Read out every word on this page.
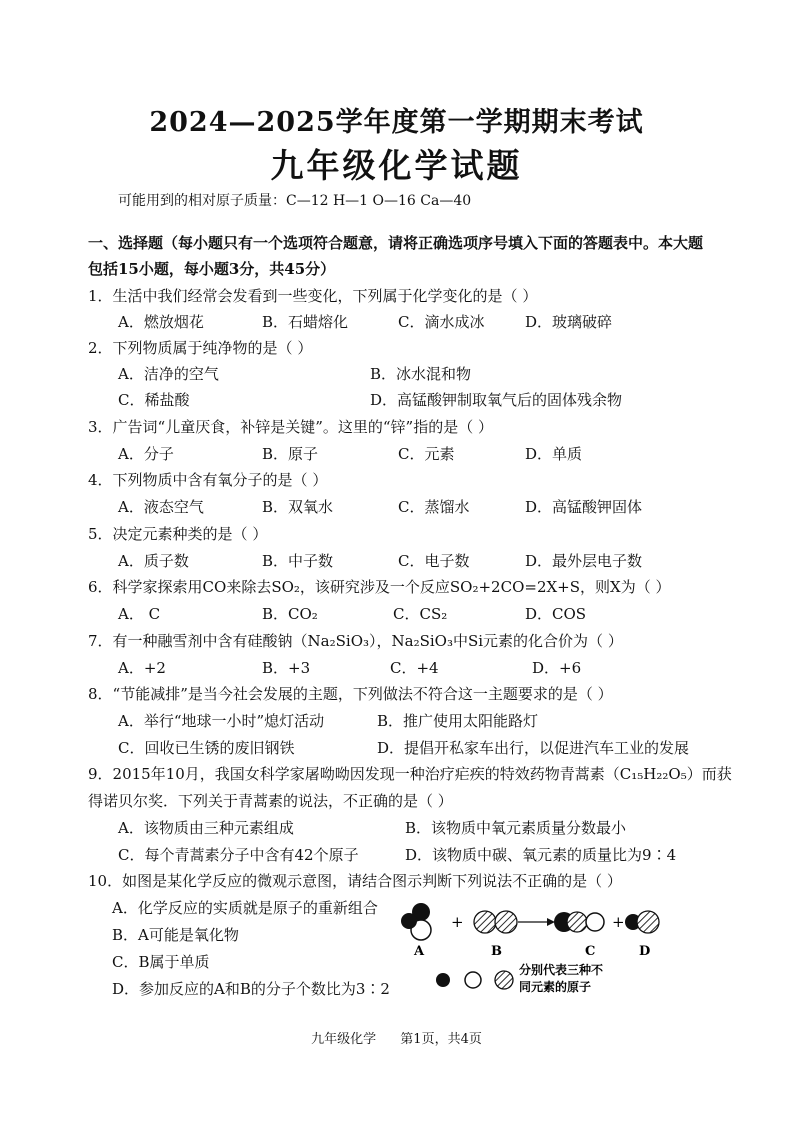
2024—2025学年度第一学期期末考试
九年级化学试题
可能用到的相对原子质量：C—12 H—1 O—16 Ca—40
一、选择题（每小题只有一个选项符合题意，请将正确选项序号填入下面的答题表中。本大题
包括15小题，每小题3分，共45分）
1．生活中我们经常会发看到一些变化，下列属于化学变化的是（ ）
A．燃放烟花	B．石蜡熔化	C．滴水成冰	D．玻璃破碎
2．下列物质属于纯净物的是（ ）
A．洁净的空气	B．冰水混和物
C．稀盐酸	D．高锰酸钾制取氧气后的固体残余物
3．广告词“儿童厌食，补锌是关键”。这里的“锌”指的是（ ）
A．分子	B．原子	C．元素	D．单质
4．下列物质中含有氧分子的是（ ）
A．液态空气	B．双氧水	C．蒸馏水	D．高锰酸钾固体
5．决定元素种类的是（ ）
A．质子数	B．中子数	C．电子数	D．最外层电子数
6．科学家探索用CO来除去SO₂，该研究涉及一个反应SO₂+2CO=2X+S，则X为（ ）
A． C	B．CO₂	C．CS₂	D．COS
7．有一种融雪剂中含有硅酸钠（Na₂SiO₃），Na₂SiO₃中Si元素的化合价为（ ）
A．+2	B．+3	C．+4	D．+6
8．“节能减排”是当今社会发展的主题，下列做法不符合这一主题要求的是（ ）
A．举行“地球一小时”熄灯活动	B．推广使用太阳能路灯
C．回收已生锈的废旧钢铁	D．提倡开私家车出行，以促进汽车工业的发展
9．2015年10月，我国女科学家屠呦呦因发现一种治疗疟疾的特效药物青蒿素（C₁₅H₂₂O₅）而获
得诺贝尔奖．下列关于青蒿素的说法，不正确的是（ ）
A．该物质由三种元素组成	B．该物质中氧元素质量分数最小
C．每个青蒿素分子中含有42个原子	D．该物质中碳、氧元素的质量比为9∶4
10．如图是某化学反应的微观示意图，请结合图示判断下列说法不正确的是（ ）
A．化学反应的实质就是原子的重新组合
B．A可能是氧化物
C．B属于单质
D．参加反应的A和B的分子个数比为3∶2
+	+
A	B	C	D
分别代表三种不
同元素的原子
九年级化学 第1页，共4页
